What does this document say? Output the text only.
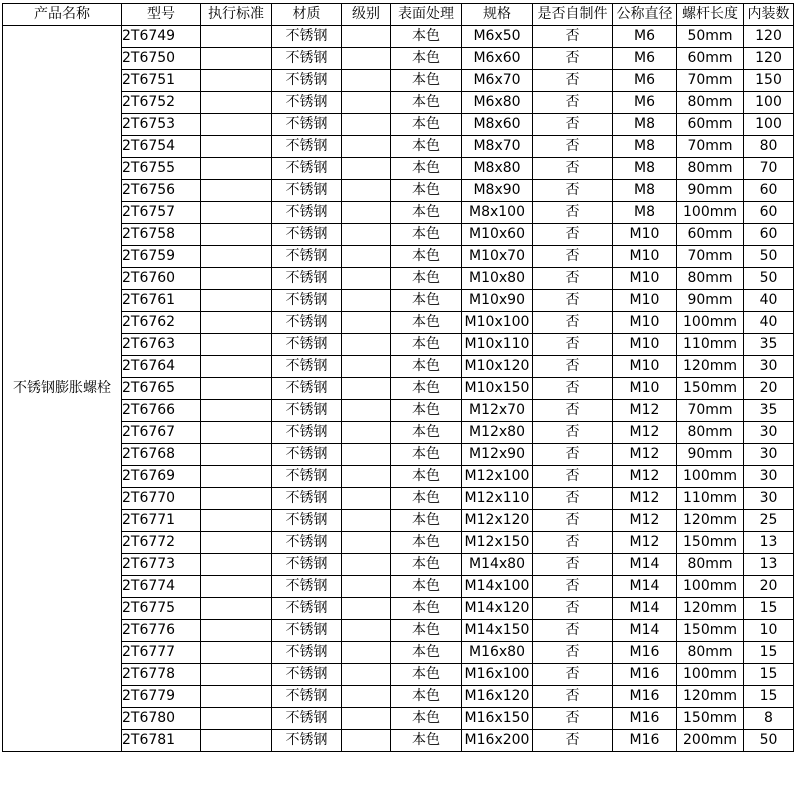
产品名称	型号	执行标准	材质	级别	表面处理	规格	是否自制件	公称直径	螺杆长度	内装数
不锈钢膨胀螺栓	2T6749		不锈钢		本色	M6x50	否	M6	50mm	120
	2T6750		不锈钢		本色	M6x60	否	M6	60mm	120
	2T6751		不锈钢		本色	M6x70	否	M6	70mm	150
	2T6752		不锈钢		本色	M6x80	否	M6	80mm	100
	2T6753		不锈钢		本色	M8x60	否	M8	60mm	100
	2T6754		不锈钢		本色	M8x70	否	M8	70mm	80
	2T6755		不锈钢		本色	M8x80	否	M8	80mm	70
	2T6756		不锈钢		本色	M8x90	否	M8	90mm	60
	2T6757		不锈钢		本色	M8x100	否	M8	100mm	60
	2T6758		不锈钢		本色	M10x60	否	M10	60mm	60
	2T6759		不锈钢		本色	M10x70	否	M10	70mm	50
	2T6760		不锈钢		本色	M10x80	否	M10	80mm	50
	2T6761		不锈钢		本色	M10x90	否	M10	90mm	40
	2T6762		不锈钢		本色	M10x100	否	M10	100mm	40
	2T6763		不锈钢		本色	M10x110	否	M10	110mm	35
	2T6764		不锈钢		本色	M10x120	否	M10	120mm	30
	2T6765		不锈钢		本色	M10x150	否	M10	150mm	20
	2T6766		不锈钢		本色	M12x70	否	M12	70mm	35
	2T6767		不锈钢		本色	M12x80	否	M12	80mm	30
	2T6768		不锈钢		本色	M12x90	否	M12	90mm	30
	2T6769		不锈钢		本色	M12x100	否	M12	100mm	30
	2T6770		不锈钢		本色	M12x110	否	M12	110mm	30
	2T6771		不锈钢		本色	M12x120	否	M12	120mm	25
	2T6772		不锈钢		本色	M12x150	否	M12	150mm	13
	2T6773		不锈钢		本色	M14x80	否	M14	80mm	13
	2T6774		不锈钢		本色	M14x100	否	M14	100mm	20
	2T6775		不锈钢		本色	M14x120	否	M14	120mm	15
	2T6776		不锈钢		本色	M14x150	否	M14	150mm	10
	2T6777		不锈钢		本色	M16x80	否	M16	80mm	15
	2T6778		不锈钢		本色	M16x100	否	M16	100mm	15
	2T6779		不锈钢		本色	M16x120	否	M16	120mm	15
	2T6780		不锈钢		本色	M16x150	否	M16	150mm	8
	2T6781		不锈钢		本色	M16x200	否	M16	200mm	50
